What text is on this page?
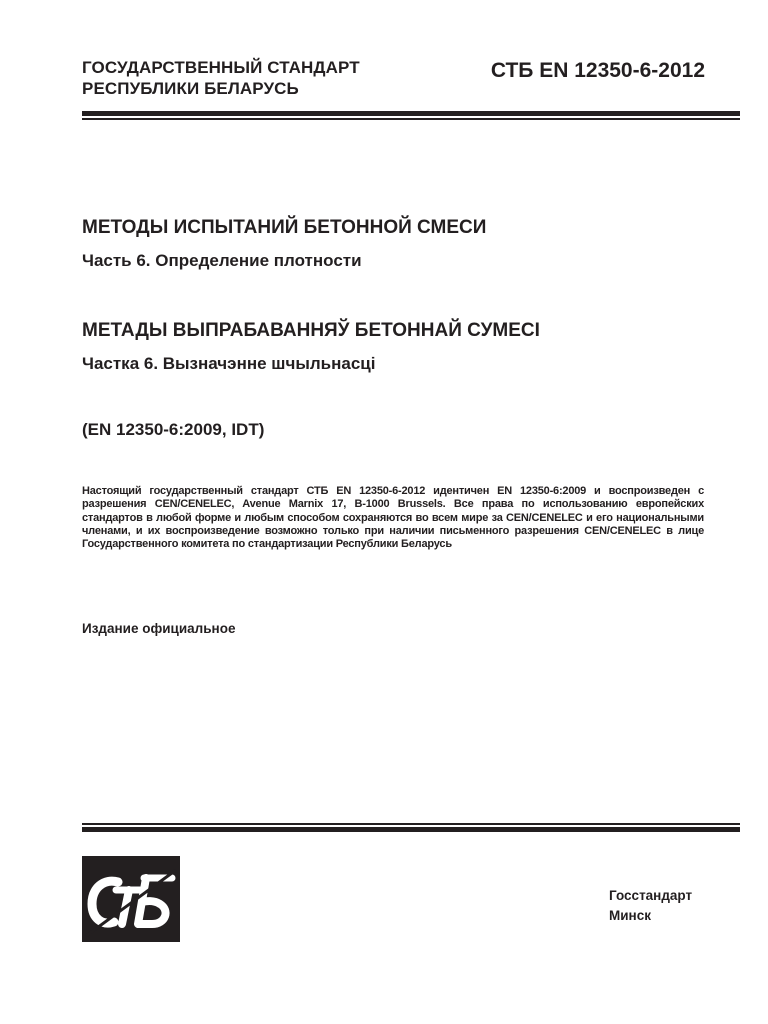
ГОСУДАРСТВЕННЫЙ СТАНДАРТ
РЕСПУБЛИКИ БЕЛАРУСЬ
СТБ EN 12350-6-2012
МЕТОДЫ ИСПЫТАНИЙ БЕТОННОЙ СМЕСИ
Часть 6. Определение плотности
МЕТАДЫ ВЫПРАБАВАННЯЎ БЕТОННАЙ СУМЕСІ
Частка 6. Вызначэнне шчыльнасці
(EN 12350-6:2009, IDT)
Настоящий государственный стандарт СТБ EN 12350-6-2012 идентичен EN 12350-6:2009 и воспроизведен с разрешения CEN/CENELEC, Avenue Marnix 17, B-1000 Brussels. Все права по использованию европейских стандартов в любой форме и любым способом сохраняются во всем мире за CEN/CENELEC и его национальными членами, и их воспроизведение возможно только при наличии письменного разрешения CEN/CENELEC в лице Государственного комитета по стандартизации Республики Беларусь
Издание официальное
Госстандарт
Минск
